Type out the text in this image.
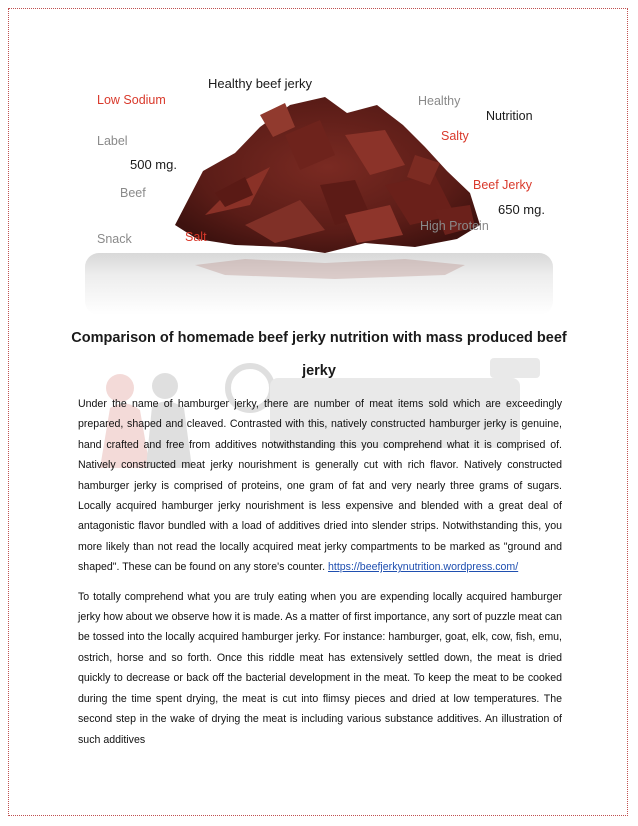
Healthy beef jerky
Low Sodium	Healthy
Nutrition
Label	Salty
500 mg.
Beef
Beef Jerky
650 mg.
Snack	Salt
High Protein
Comparison of homemade beef jerky nutrition with mass produced beef jerky

Under the name of hamburger jerky, there are number of meat items sold which are exceedingly prepared, shaped and cleaved. Contrasted with this, natively constructed hamburger jerky is genuine, hand crafted and free from additives notwithstanding this you comprehend what it is comprised of. Natively constructed meat jerky nourishment is generally cut with rich flavor. Natively constructed hamburger jerky is comprised of proteins, one gram of fat and very nearly three grams of sugars. Locally acquired hamburger jerky nourishment is less expensive and blended with a great deal of antagonistic flavor bundled with a load of additives dried into slender strips. Notwithstanding this, you more likely than not read the locally acquired meat jerky compartments to be marked as "ground and shaped". These can be found on any store's counter. https://beefjerkynutrition.wordpress.com/

To totally comprehend what you are truly eating when you are expending locally acquired hamburger jerky how about we observe how it is made. As a matter of first importance, any sort of puzzle meat can be tossed into the locally acquired hamburger jerky. For instance: hamburger, goat, elk, cow, fish, emu, ostrich, horse and so forth. Once this riddle meat has extensively settled down, the meat is dried quickly to decrease or back off the bacterial development in the meat. To keep the meat to be cooked during the time spent drying, the meat is cut into flimsy pieces and dried at low temperatures. The second step in the wake of drying the meat is including various substance additives. An illustration of such additives
